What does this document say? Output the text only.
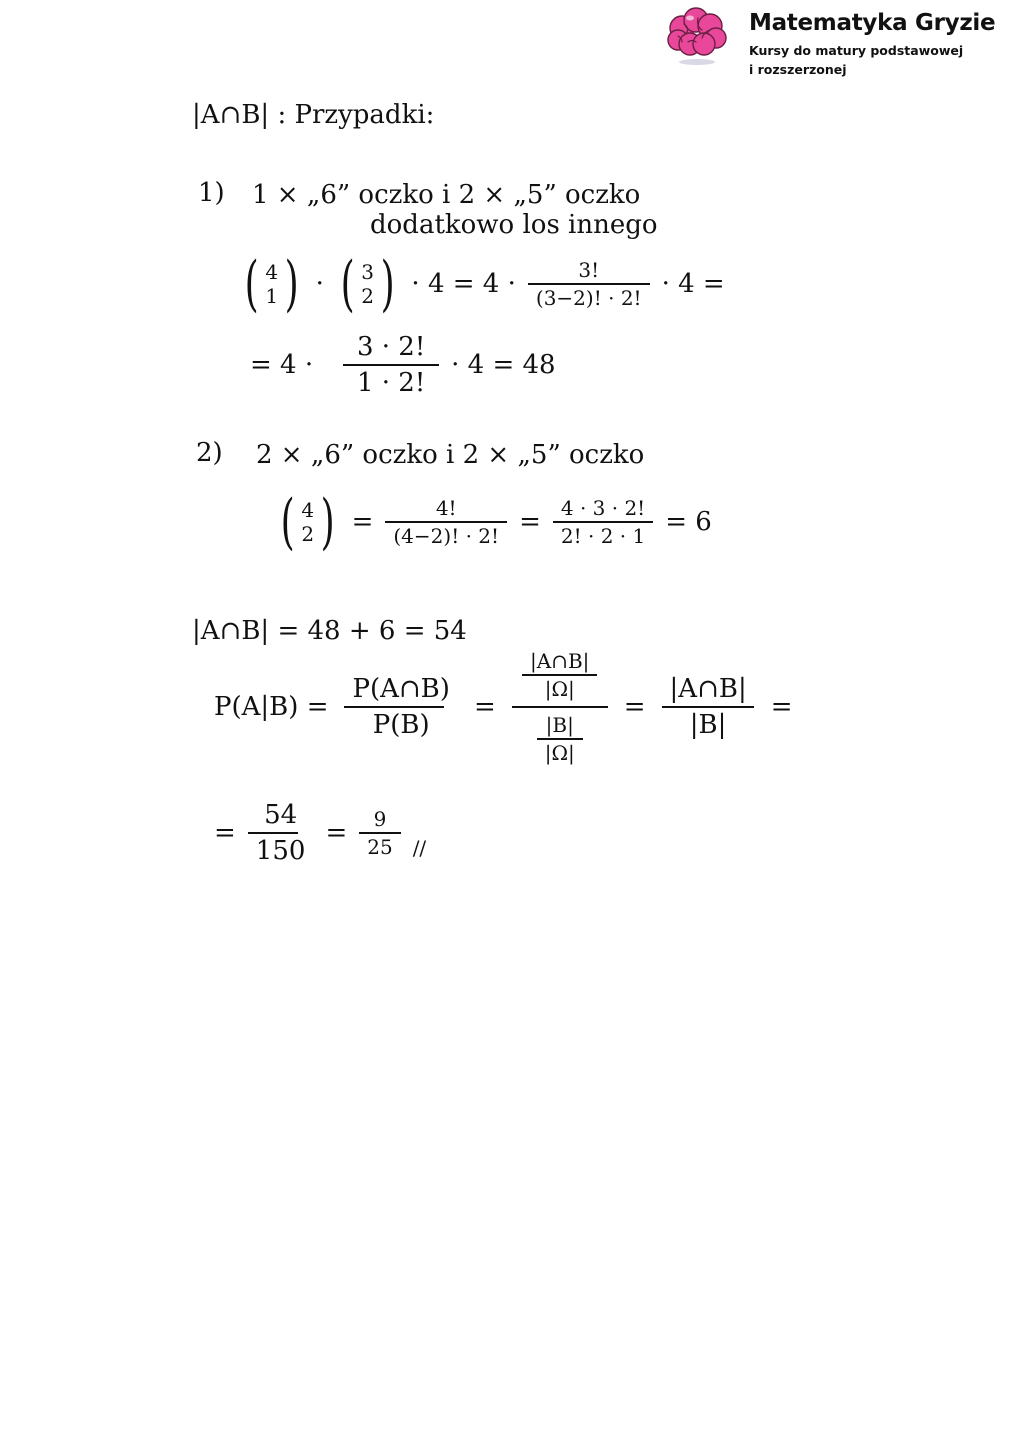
Matematyka Gryzie
Kursy do matury podstawowej
i rozszerzonej
|A∩B| : Przypadki:
1) 1 × „6” oczko i 2 × „5” oczko
dodatkowo los innego
( 4
1 ) · ( 3
2 ) · $4 = 4 \cdot \frac{3!}{(3-2)! \cdot 2!} \cdot 4$ =
= $4 \cdot \frac{3 \cdot 2!}{1 \cdot 2!} \cdot 4 = 48$
2) 2 × „6” oczko i 2 × „5” oczko
( 4
2 ) = $\frac{4!}{(4-2)! \cdot 2!} = \frac{4 \cdot 3 \cdot 2!}{2! \cdot 2 \cdot 1} = 6$
|A∩B| = 48 + 6 = 54
$P(A|B) = \frac{P(A\cap B)}{P(B)} = \frac{\frac{|A\cap B|}{|\Omega|}}{\frac{|B|}{|\Omega|}} = \frac{|A\cap B|}{|B|}$ =
= $\frac{54}{150} = \frac{9}{25}$ //
